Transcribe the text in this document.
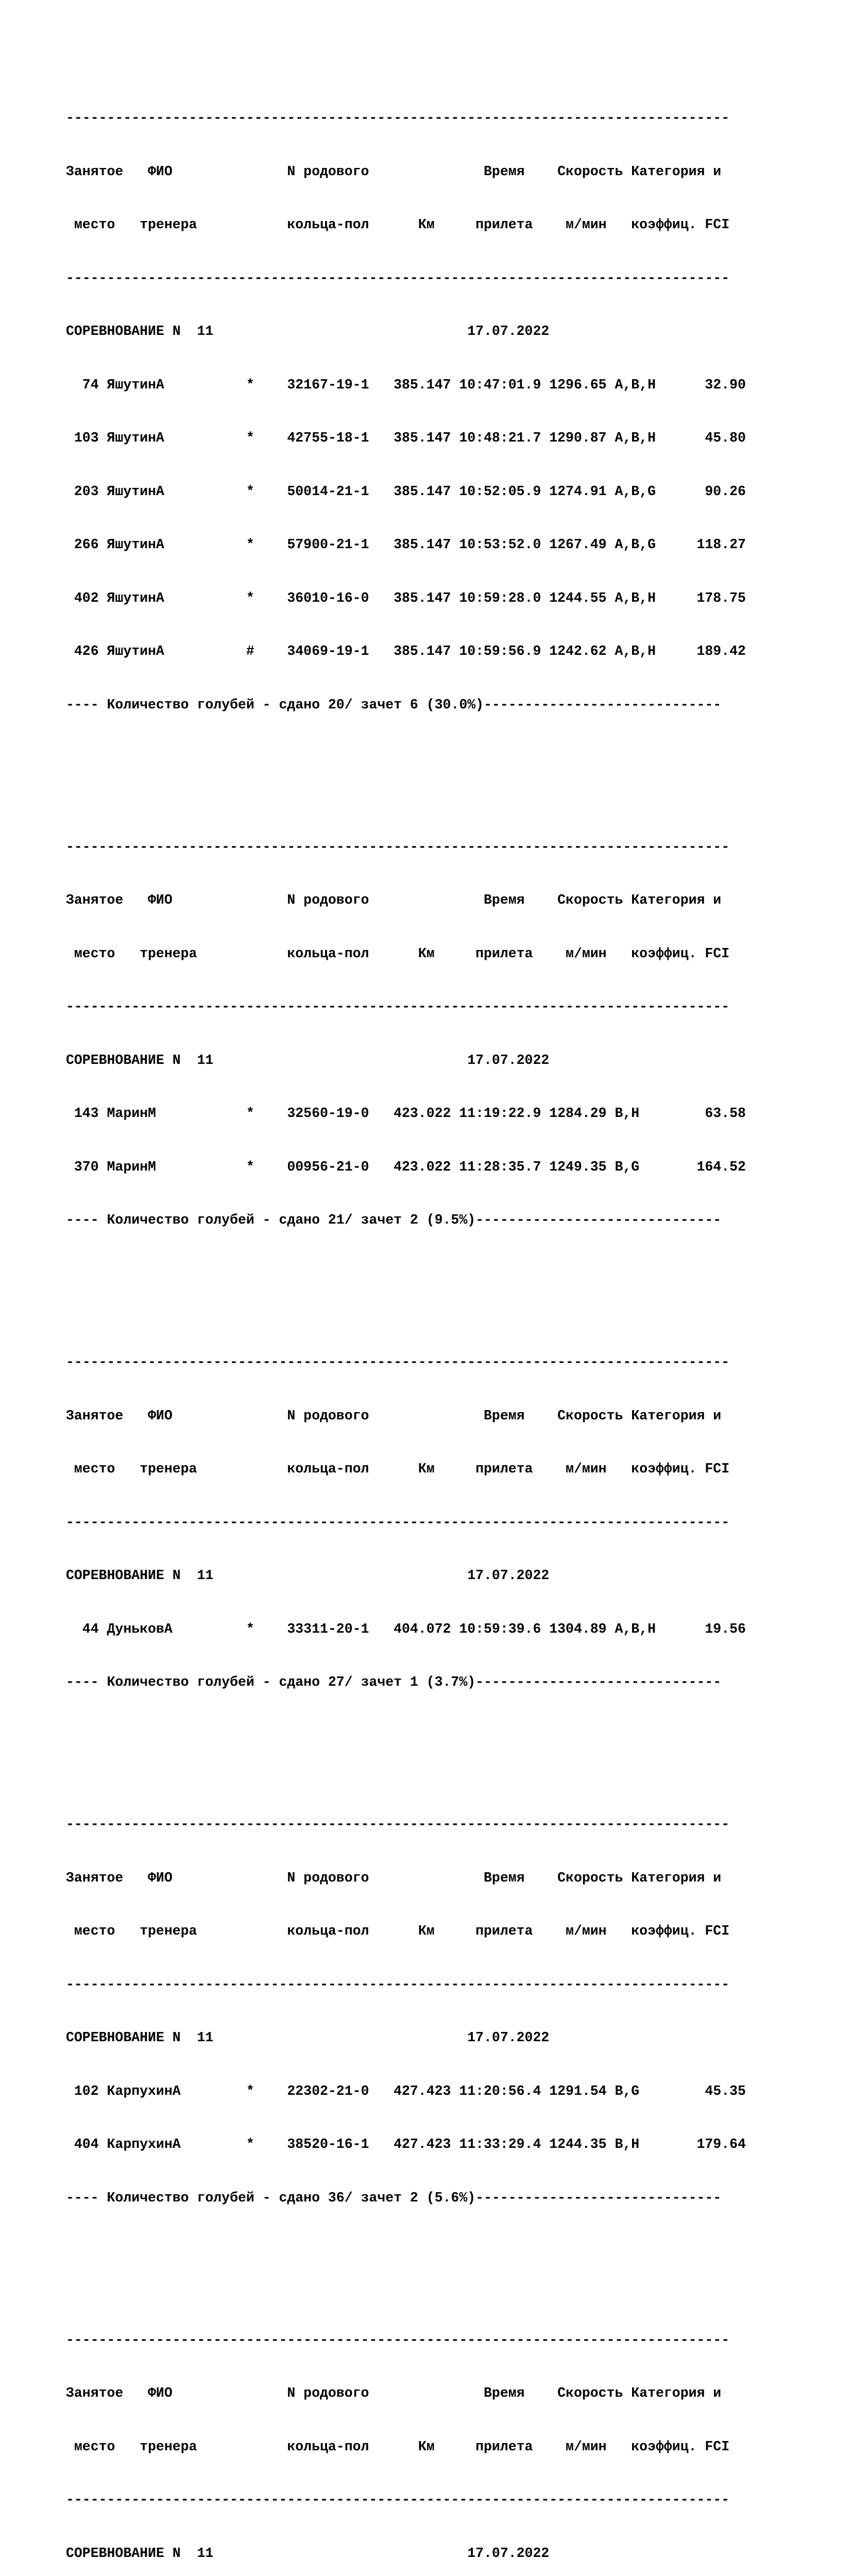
---------------------------------------------------------------------------------

Занятое   ФИО              N родового              Время    Скорость Категория и

место   тренера           кольца-пол      Км     прилета    м/мин   коэффиц. FCI

---------------------------------------------------------------------------------

СОРЕВНОВАНИЕ N  11                               17.07.2022

74 ЯшутинА          *    32167-19-1   385.147 10:47:01.9 1296.65 A,B,H      32.90

103 ЯшутинА          *    42755-18-1   385.147 10:48:21.7 1290.87 A,B,H      45.80

203 ЯшутинА          *    50014-21-1   385.147 10:52:05.9 1274.91 A,B,G      90.26

266 ЯшутинА          *    57900-21-1   385.147 10:53:52.0 1267.49 A,B,G     118.27

402 ЯшутинА          *    36010-16-0   385.147 10:59:28.0 1244.55 A,B,H     178.75

426 ЯшутинА          #    34069-19-1   385.147 10:59:56.9 1242.62 A,B,H     189.42

---- Количество голубей - сдано 20/ зачет 6 (30.0%)-----------------------------

---------------------------------------------------------------------------------

Занятое   ФИО              N родового              Время    Скорость Категория и

место   тренера           кольца-пол      Км     прилета    м/мин   коэффиц. FCI

---------------------------------------------------------------------------------

СОРЕВНОВАНИЕ N  11                               17.07.2022

143 МаринМ           *    32560-19-0   423.022 11:19:22.9 1284.29 B,H        63.58

370 МаринМ           *    00956-21-0   423.022 11:28:35.7 1249.35 B,G       164.52

---- Количество голубей - сдано 21/ зачет 2 (9.5%)------------------------------

---------------------------------------------------------------------------------

Занятое   ФИО              N родового              Время    Скорость Категория и

место   тренера           кольца-пол      Км     прилета    м/мин   коэффиц. FCI

---------------------------------------------------------------------------------

СОРЕВНОВАНИЕ N  11                               17.07.2022

44 ДуньковА         *    33311-20-1   404.072 10:59:39.6 1304.89 A,B,H      19.56

---- Количество голубей - сдано 27/ зачет 1 (3.7%)------------------------------

---------------------------------------------------------------------------------

Занятое   ФИО              N родового              Время    Скорость Категория и

место   тренера           кольца-пол      Км     прилета    м/мин   коэффиц. FCI

---------------------------------------------------------------------------------

СОРЕВНОВАНИЕ N  11                               17.07.2022

102 КарпухинА        *    22302-21-0   427.423 11:20:56.4 1291.54 B,G        45.35

404 КарпухинА        *    38520-16-1   427.423 11:33:29.4 1244.35 B,H       179.64

---- Количество голубей - сдано 36/ зачет 2 (5.6%)------------------------------

---------------------------------------------------------------------------------

Занятое   ФИО              N родового              Время    Скорость Категория и

место   тренера           кольца-пол      Км     прилета    м/мин   коэффиц. FCI

---------------------------------------------------------------------------------

СОРЕВНОВАНИЕ N  11                               17.07.2022
